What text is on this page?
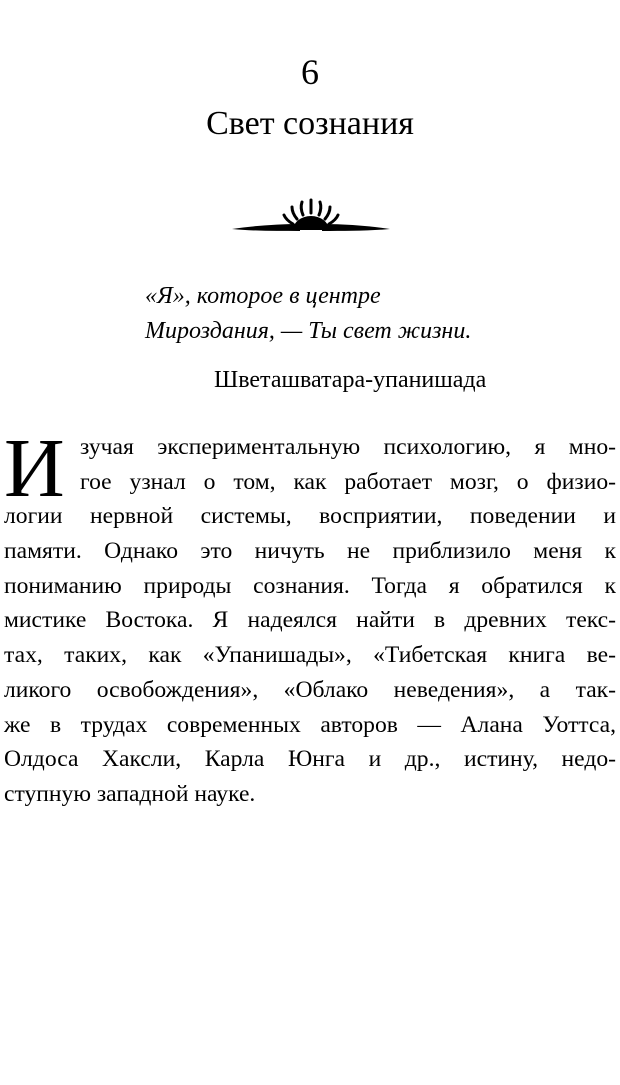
6
Свет сознания
«Я», которое в центре
Мироздания, — Ты свет жизни.
Шветашватара-упанишада
И зучая экспериментальную психологию, я мно-
гое узнал о том, как работает мозг, о физио-
логии нервной системы, восприятии, поведении и
памяти. Однако это ничуть не приблизило меня к
пониманию природы сознания. Тогда я обратился к
мистике Востока. Я надеялся найти в древних текс-
тах, таких, как «Упанишады», «Тибетская книга ве-
ликого освобождения», «Облако неведения», а так-
же в трудах современных авторов — Алана Уоттса,
Олдоса Хаксли, Карла Юнга и др., истину, недо-
ступную западной науке.
